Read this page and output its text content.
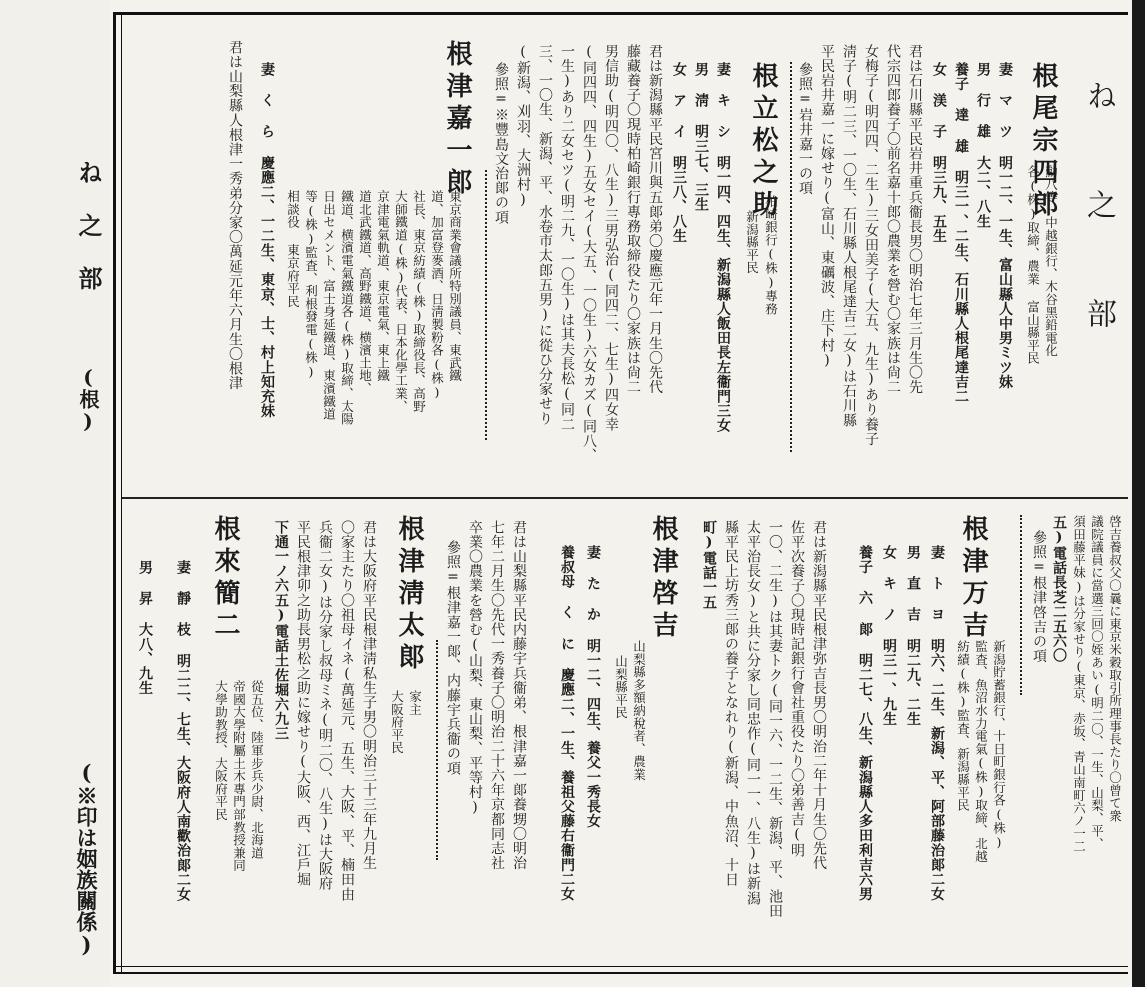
ね 之 部
(根)
(※印は姻族關係)
ね 之 部
根尾宗四郎
勳八等、中越銀行、木谷黑鉛電化
各(株)取締、農業 富山縣平民
妻 マ ツ 明一二、一生、富山縣人中男ミツ妹
男 行 雄 大二、八生
養子 達 雄 明三一、二生、石川縣人根尾達吉二
女 渼 子 明三九、五生
君は石川縣平民岩井重兵衞長男〇明治七年三月生〇先
代宗四郎養子〇前名嘉十郎〇農業を營む〇家族は尙二
女梅子(明四四、二生)三女田美子(大五、九生)あり養子
淸子(明二三、一〇生、石川縣人根尾達吉二女)は石川縣
平民岩井嘉一に嫁せり(富山、東礪波、庄下村)
參照=岩井嘉一の項
根立松之助
柏崎銀行(株)專務
新潟縣平民
妻 キ シ 明一四、四生、新潟縣人飯田長左衞門三女
男 淸 明三七、三生
女 ア イ 明三八、八生
君は新潟縣平民宮川與五郞弟〇慶應元年一月生〇先代
藤藏養子〇現時柏崎銀行專務取締役たり〇家族は尙二
男信助(明四〇、八生)三男弘治(同四二、七生)四女幸
(同四四、四生)五女セイ(大五、一〇生)六女カズ(同八、
一生)あり二女セツ(明二九、一〇生)は其夫長松(同二
三、一〇生、新潟、平、水卷市太郎五男)に從ひ分家せり
(新潟、刈羽、大洲村)
參照=※豐島文治郞の項
根津嘉一郎
東京商業會議所特別議員、東武鐵
道、加富登麥酒、日淸製粉各(株)
社長、東京紡績(株)取締役長、高野
大師鐵道(株)代表、日本化學工業、
京津電氣軌道、東京電氣、東上鐵
道北武鐵道、高野鐵道、横濱土地、
鐵道、横濱電氣鐵道各(株)取締、太陽
日出セメント、富士身延鐵道、東濱鐵道
等(株)監査、利根發電(株)
相談役 東京府平民
妻 く ら 慶應二、一二生、東京、士、村上知充妹
君は山梨縣人根津一秀弟分家〇萬延元年六月生〇根津
啓吉養叔父〇曩に東京米穀取引所理事長たり〇曾て衆
議院議員に當選三回〇姪あい(明二〇、一生、山梨、平、
須田藤平妹)は分家せり(東京、赤坂、青山南町六ノ一二
五)電話長芝二五六〇
參照=根津啓吉の項
根津万吉
新潟貯蓄銀行、十日町銀行各(株)
監査、魚沼水力電氣(株)取締、北越
紡績(株)監査、新潟縣平民
妻 ト ヨ 明六、二生、新潟、平、阿部藤治郞二女
男 直 吉 明二九、二生
女 キ ノ 明三一、九生
養子 六 郞 明二七、八生、新潟縣人多田利吉六男
君は新潟縣平民根津弥吉長男〇明治二年十月生〇先代
佐平次養子〇現時記銀行會社重役たり〇弟善吉(明
一〇、二生)は其妻トク(同一六、一二生、新潟、平、池田
太平治長女)と共に分家し同忠作(同一一、八生)は新潟
縣平民上坊秀三郞の養子となれり(新潟、中魚沼、十日
町)電話一五
根津啓吉
山梨縣多額納稅者、農業
山梨縣平民
妻 た か 明一二、四生、養父一秀長女
養叔母 く に 慶應二、一生、養祖父藤右衞門二女
君は山梨縣平民内藤宇兵衞弟、根津嘉一郞養甥〇明治
七年二月生〇先代一秀養子〇明治二十六年京都同志社
卒業〇農業を營む(山梨、東山梨、平等村)
參照=根津嘉一郞、内藤宇兵衞の項
根津淸太郞
家主
大阪府平民
君は大阪府平民根津淸私生子男〇明治三十三年九月生
〇家主たり〇祖母イネ(萬延元、五生、大阪、平、楠田由
兵衞二女)は分家し叔母ミネ(明二〇、八生)は大阪府
平民根津卯之助長男松之助に嫁せり(大阪、西、江戶堀
下通一ノ六五)電話土佐堀六九三
根來簡二
從五位、陸軍步兵少尉、北海道
帝國大學附屬土木專門部教授兼同
大學助教授、大阪府平民
妻 靜 枝 明二二、七生、大阪府人南歡治郞二女
男 昇 大八、九生
